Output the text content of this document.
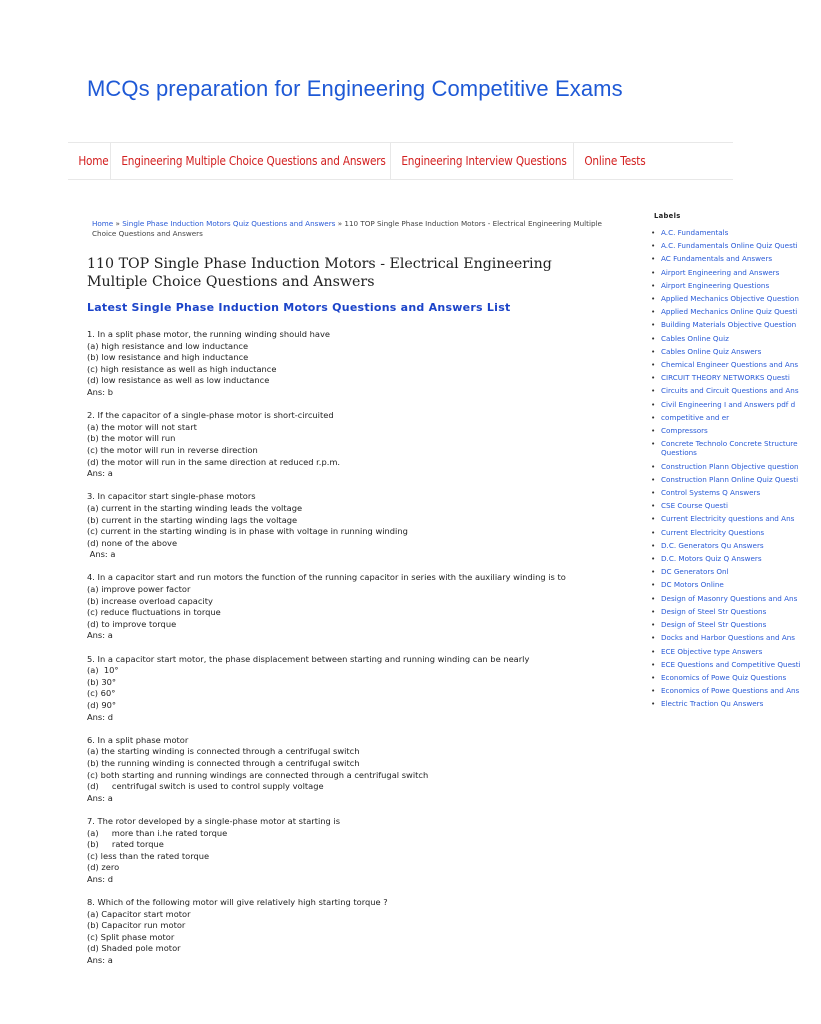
MCQs preparation for Engineering Competitive Exams
Home	Engineering Multiple Choice Questions and Answers	Engineering Interview Questions	Online Tests
Home » Single Phase Induction Motors Quiz Questions and Answers » 110 TOP Single Phase Induction Motors - Electrical Engineering Multiple Choice Questions and Answers
110 TOP Single Phase Induction Motors - Electrical Engineering Multiple Choice Questions and Answers
Latest Single Phase Induction Motors Questions and Answers List
1. In a split phase motor, the running winding should have
(a) high resistance and low inductance
(b) low resistance and high inductance
(c) high resistance as well as high inductance
(d) low resistance as well as low inductance
Ans: b
2. If the capacitor of a single-phase motor is short-circuited
(a) the motor will not start
(b) the motor will run
(c) the motor will run in reverse direction
(d) the motor will run in the same direction at reduced r.p.m.
Ans: a
3. In capacitor start single-phase motors
(a) current in the starting winding leads the voltage
(b) current in the starting winding lags the voltage
(c) current in the starting winding is in phase with voltage in running winding
(d) none of the above
Ans: a
4. In a capacitor start and run motors the function of the running capacitor in series with the auxiliary winding is to
(a) improve power factor
(b) increase overload capacity
(c) reduce fluctuations in torque
(d) to improve torque
Ans: a
5. In a capacitor start motor, the phase displacement between starting and running winding can be nearly
(a)  10°
(b) 30°
(c) 60°
(d) 90°
Ans: d
6. In a split phase motor
(a) the starting winding is connected through a centrifugal switch
(b) the running winding is connected through a centrifugal switch
(c) both starting and running windings are connected through a centrifugal switch
(d)     centrifugal switch is used to control supply voltage
Ans: a
7. The rotor developed by a single-phase motor at starting is
(a)     more than i.he rated torque
(b)     rated torque
(c) less than the rated torque
(d) zero
Ans: d
8. Which of the following motor will give relatively high starting torque ?
(a) Capacitor start motor
(b) Capacitor run motor
(c) Split phase motor
(d) Shaded pole motor
Ans: a
Labels
• A.C. Fundamentals
• A.C. Fundamentals Online Quiz Questi
• AC Fundamentals and Answers
• Airport Engineering and Answers
• Airport Engineering Questions
• Applied Mechanics Objective Question
• Applied Mechanics Online Quiz Questi
• Building Materials Objective Question
• Cables Online Quiz
• Cables Online Quiz Answers
• Chemical Engineer Questions and Ans
• CIRCUIT THEORY NETWORKS Questi
• Circuits and Circuit Questions and Ans
• Civil Engineering I and Answers pdf d
• competitive and er
• Compressors
• Concrete Technolo Concrete Structure Questions
• Construction Plann Objective question
• Construction Plann Online Quiz Questi
• Control Systems Q Answers
• CSE Course Questi
• Current Electricity questions and Ans
• Current Electricity Questions
• D.C. Generators Qu Answers
• D.C. Motors Quiz Q Answers
• DC Generators Onl
• DC Motors Online
• Design of Masonry Questions and Ans
• Design of Steel Str Questions
• Design of Steel Str Questions
• Docks and Harbor Questions and Ans
• ECE Objective type Answers
• ECE Questions and Competitive Questi
• Economics of Powe Quiz Questions
• Economics of Powe Questions and Ans
• Electric Traction Qu Answers
